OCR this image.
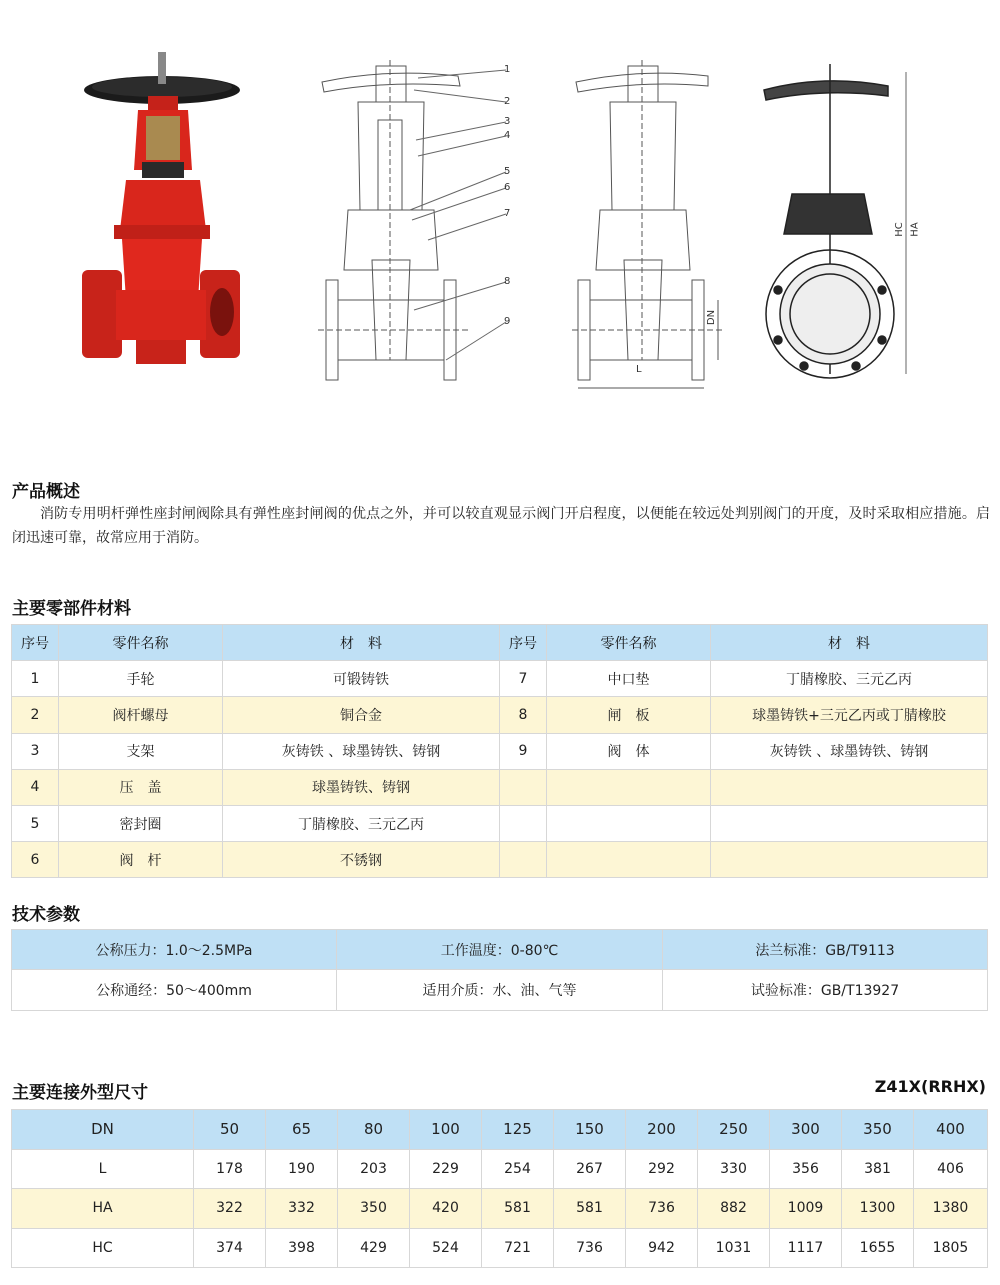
1
2
3
4
5
6
7
8
9
L
DN
HC HA
产品概述
消防专用明杆弹性座封闸阀除具有弹性座封闸阀的优点之外，并可以较直观显示阀门开启程度，以便能在较远处判别阀门的开度，及时采取相应措施。启闭迅速可靠，故常应用于消防。
主要零部件材料
序号	零件名称	材　料	序号	零件名称	材　料
1	手轮	可锻铸铁	7	中口垫	丁腈橡胶、三元乙丙
2	阀杆螺母	铜合金	8	闸　板	球墨铸铁+三元乙丙或丁腈橡胶
3	支架	灰铸铁 、球墨铸铁、铸钢	9	阀　体	灰铸铁 、球墨铸铁、铸钢
4	压　盖	球墨铸铁、铸钢			
5	密封圈	丁腈橡胶、三元乙丙			
6	阀　杆	不锈钢			
技术参数
公称压力：1.0～2.5MPa	工作温度：0-80℃	法兰标准：GB/T9113
公称通经：50～400mm	适用介质：水、油、气等	试验标准：GB/T13927
主要连接外型尺寸	Z41X(RRHX)
DN	50	65	80	100	125	150	200	250	300	350	400
L	178	190	203	229	254	267	292	330	356	381	406
HA	322	332	350	420	581	581	736	882	1009	1300	1380
HC	374	398	429	524	721	736	942	1031	1117	1655	1805
